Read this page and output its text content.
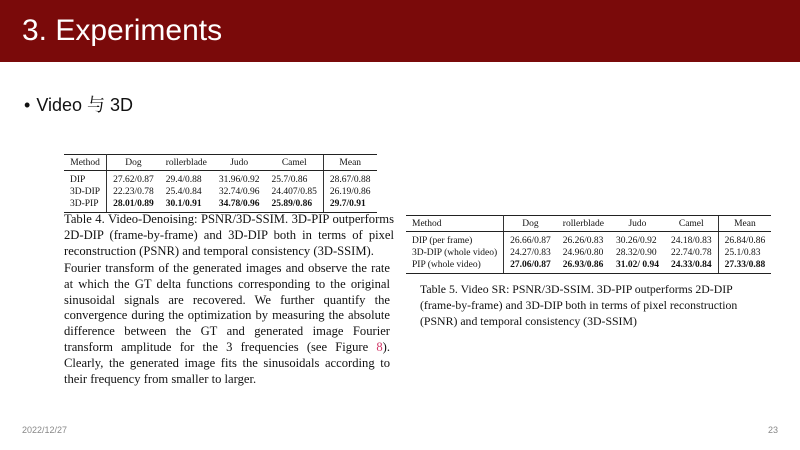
3. Experiments
• Video 与 3D
Method	Dog	rollerblade	Judo	Camel	Mean
DIP	27.62/0.87	29.4/0.88	31.96/0.92	25.7/0.86	28.67/0.88
3D-DIP	22.23/0.78	25.4/0.84	32.74/0.96	24.407/0.85	26.19/0.86
3D-PIP	28.01/0.89	30.1/0.91	34.78/0.96	25.89/0.86	29.7/0.91
Table 4. Video-Denoising: PSNR/3D-SSIM. 3D-PIP outperforms 2D-DIP (frame-by-frame) and 3D-DIP both in terms of pixel reconstruction (PSNR) and temporal consistency (3D-SSIM).
Fourier transform of the generated images and observe the rate at which the GT delta functions corresponding to the original sinusoidal signals are recovered. We further quantify the convergence during the optimization by measuring the absolute difference between the GT and generated image Fourier transform amplitude for the 3 frequencies (see Figure 8). Clearly, the generated image fits the sinusoidals according to their frequency from smaller to larger.
Method	Dog	rollerblade	Judo	Camel	Mean
DIP (per frame)	26.66/0.87	26.26/0.83	30.26/0.92	24.18/0.83	26.84/0.86
3D-DIP (whole video)	24.27/0.83	24.96/0.80	28.32/0.90	22.74/0.78	25.1/0.83
PIP (whole video)	27.06/0.87	26.93/0.86	31.02/ 0.94	24.33/0.84	27.33/0.88
Table 5. Video SR: PSNR/3D-SSIM. 3D-PIP outperforms 2D-DIP (frame-by-frame) and 3D-DIP both in terms of pixel reconstruction (PSNR) and temporal consistency (3D-SSIM)
2022/12/27	23
